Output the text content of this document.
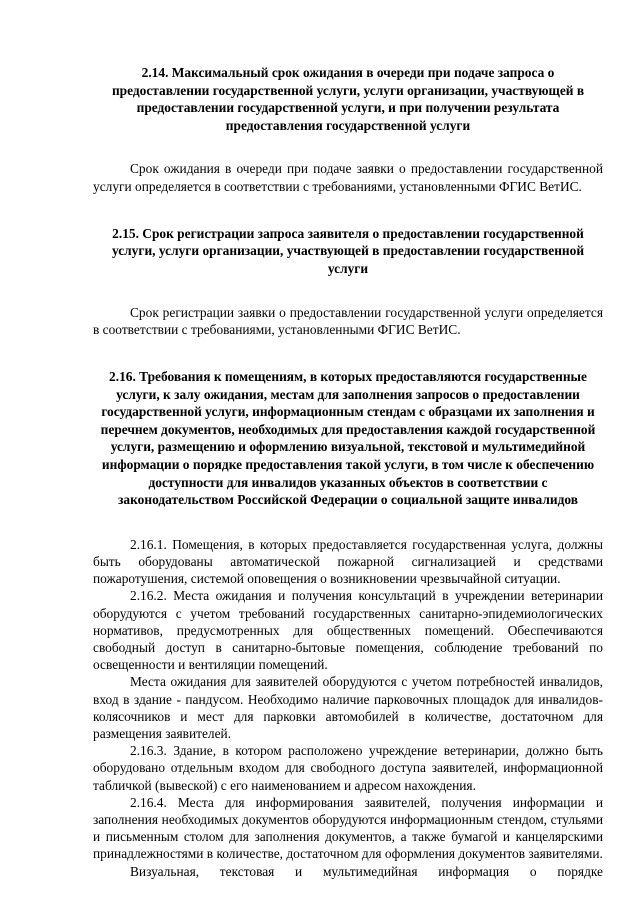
2.14. Максимальный срок ожидания в очереди при подаче запроса о предоставлении государственной услуги, услуги организации, участвующей в предоставлении государственной услуги, и при получении результата предоставления государственной услуги

Срок ожидания в очереди при подаче заявки о предоставлении государственной услуги определяется в соответствии с требованиями, установленными ФГИС ВетИС.

2.15. Срок регистрации запроса заявителя о предоставлении государственной услуги, услуги организации, участвующей в предоставлении государственной услуги

Срок регистрации заявки о предоставлении государственной услуги определяется в соответствии с требованиями, установленными ФГИС ВетИС.

2.16. Требования к помещениям, в которых предоставляются государственные услуги, к залу ожидания, местам для заполнения запросов о предоставлении государственной услуги, информационным стендам с образцами их заполнения и перечнем документов, необходимых для предоставления каждой государственной услуги, размещению и оформлению визуальной, текстовой и мультимедийной информации о порядке предоставления такой услуги, в том числе к обеспечению доступности для инвалидов указанных объектов в соответствии с законодательством Российской Федерации о социальной защите инвалидов

2.16.1. Помещения, в которых предоставляется государственная услуга, должны быть оборудованы автоматической пожарной сигнализацией и средствами пожаротушения, системой оповещения о возникновении чрезвычайной ситуации.

2.16.2. Места ожидания и получения консультаций в учреждении ветеринарии оборудуются с учетом требований государственных санитарно-эпидемиологических нормативов, предусмотренных для общественных помещений. Обеспечиваются свободный доступ в санитарно-бытовые помещения, соблюдение требований по освещенности и вентиляции помещений.

Места ожидания для заявителей оборудуются с учетом потребностей инвалидов, вход в здание - пандусом. Необходимо наличие парковочных площадок для инвалидов-колясочников и мест для парковки автомобилей в количестве, достаточном для размещения заявителей.

2.16.3. Здание, в котором расположено учреждение ветеринарии, должно быть оборудовано отдельным входом для свободного доступа заявителей, информационной табличкой (вывеской) с его наименованием и адресом нахождения.

2.16.4. Места для информирования заявителей, получения информации и заполнения необходимых документов оборудуются информационным стендом, стульями и письменным столом для заполнения документов, а также бумагой и канцелярскими принадлежностями в количестве, достаточном для оформления документов заявителями.

Визуальная, текстовая и мультимедийная информация о порядке
